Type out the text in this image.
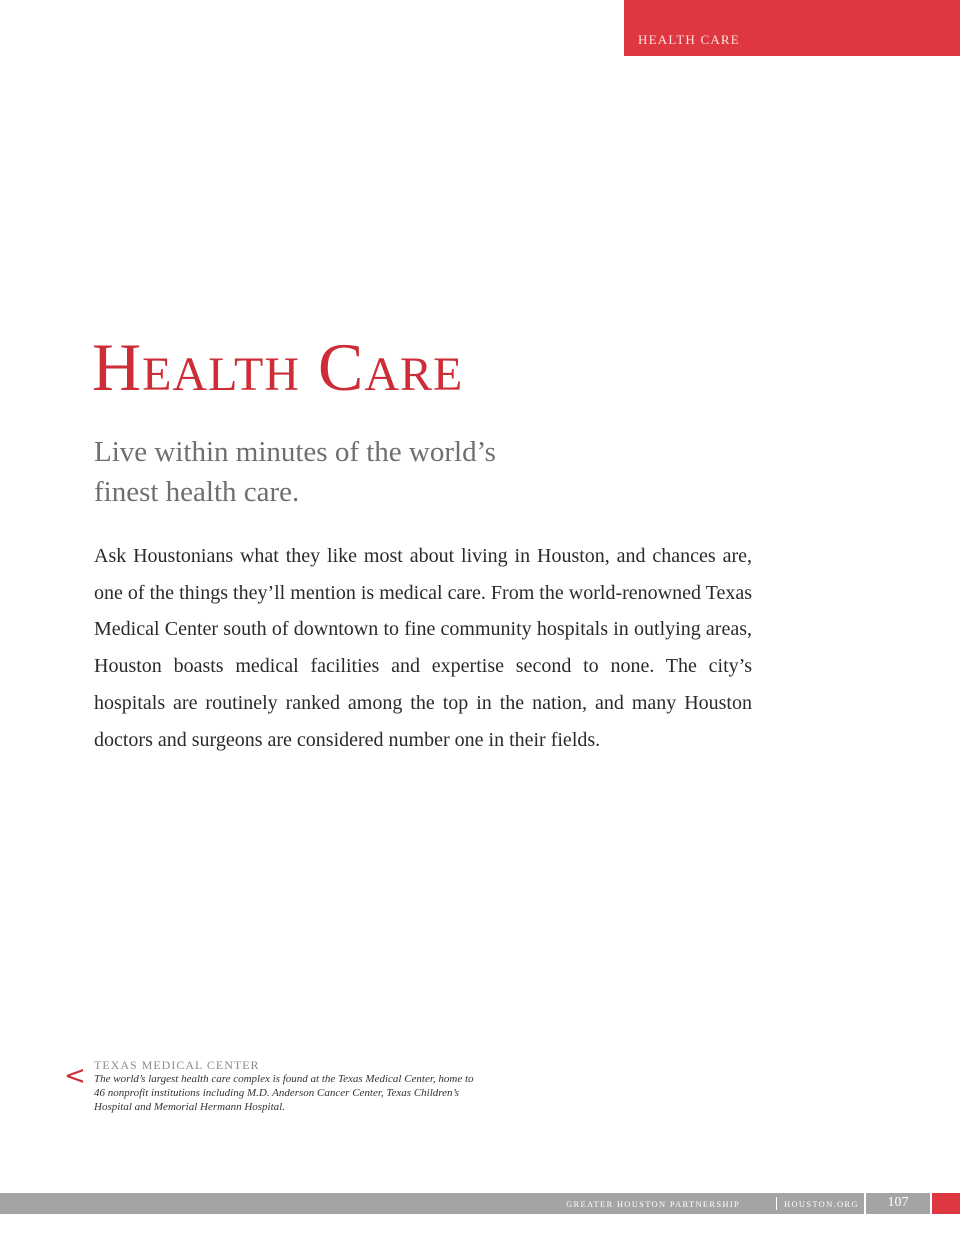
HEALTH CARE
Health Care
Live within minutes of the world’s finest health care.

Ask Houstonians what they like most about living in Houston, and chances are, one of the things they’ll mention is medical care. From the world-renowned Texas Medical Center south of downtown to fine community hospitals in outlying areas, Houston boasts medical facilities and expertise second to none. The city’s hospitals are routinely ranked among the top in the nation, and many Houston doctors and surgeons are considered number one in their fields.

< TEXAS MEDICAL CENTER

The world’s largest health care complex is found at the Texas Medical Center, home to 46 nonprofit institutions including M.D. Anderson Cancer Center, Texas Children’s Hospital and Memorial Hermann Hospital.

GREATER HOUSTON PARTNERSHIP	HOUSTON.ORG	107
